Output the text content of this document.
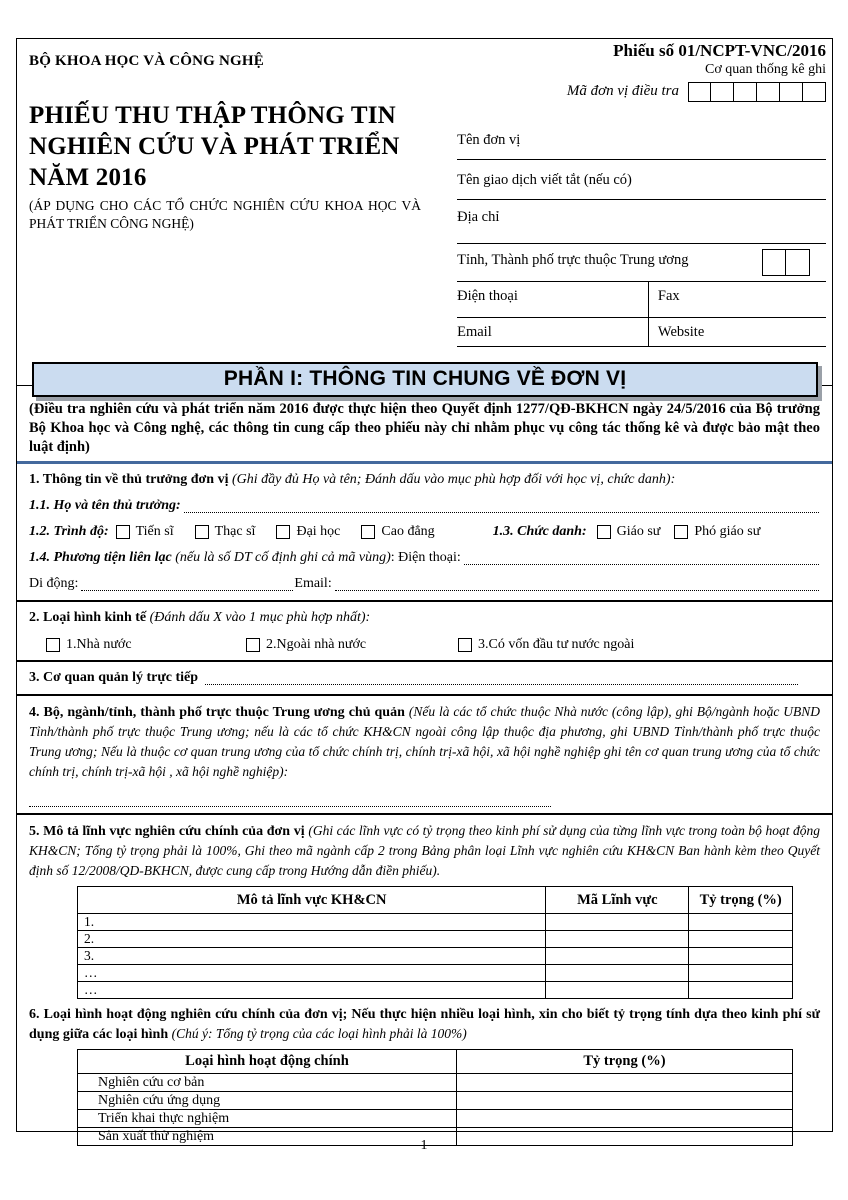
PHẦN I: THÔNG TIN CHUNG VỀ ĐƠN VỊ
BỘ KHOA HỌC VÀ CÔNG NGHỆ
PHIẾU THU THẬP THÔNG TIN
NGHIÊN CỨU VÀ PHÁT TRIỂN
NĂM 2016
(ÁP DỤNG CHO CÁC TỔ CHỨC NGHIÊN CỨU KHOA HỌC VÀ PHÁT TRIỂN CÔNG NGHỆ)
Phiếu số 01/NCPT-VNC/2016
Cơ quan thống kê ghi
Mã đơn vị điều tra
Tên đơn vị
Tên giao dịch viết tắt (nếu có)
Địa chỉ
Tỉnh, Thành phố trực thuộc Trung ương
Điện thoại	Fax
Email	Website

(Điều tra nghiên cứu và phát triển năm 2016 được thực hiện theo Quyết định 1277/QĐ-BKHCN ngày 24/5/2016 của Bộ trưởng Bộ Khoa học và Công nghệ, các thông tin cung cấp theo phiếu này chỉ nhằm phục vụ công tác thống kê và được bảo mật theo luật định)

1. Thông tin về thủ trưởng đơn vị
(Ghi đầy đủ Họ và tên; Đánh dấu vào mục phù hợp đối với học vị, chức danh):
1.1. Họ và tên thủ trưởng:
1.2. Trình độ:
Tiến sĩ	Thạc sĩ	Đại học	Cao đẳng	1.3. Chức danh: Giáo sư Phó giáo sư
1.4. Phương tiện liên lạc
(nếu là số DT cố định ghi cả mã vùng) : Điện thoại:
Di động:	Email:
2. Loại hình kinh tế
(Đánh dấu X vào 1 mục phù hợp nhất):
1.Nhà nước	2.Ngoài nhà nước	3.Có vốn đầu tư nước ngoài
3. Cơ quan quản lý trực tiếp

4. Bộ, ngành/tỉnh, thành phố trực thuộc Trung ương chủ quản (Nếu là các tổ chức thuộc Nhà nước (công lập), ghi Bộ/ngành hoặc UBND Tỉnh/thành phố trực thuộc Trung ương; nếu là các tổ chức KH&CN ngoài công lập thuộc địa phương, ghi UBND Tỉnh/thành phố trực thuộc Trung ương; Nếu là thuộc cơ quan trung ương của tổ chức chính trị, chính trị-xã hội, xã hội nghề nghiệp ghi tên cơ quan trung ương của tổ chức chính trị, chính trị-xã hội , xã hội nghề nghiệp):

5. Mô tả lĩnh vực nghiên cứu chính của đơn vị (Ghi các lĩnh vực có tỷ trọng theo kinh phí sử dụng của từng lĩnh vực trong toàn bộ hoạt động KH&CN; Tổng tỷ trọng phải là 100%, Ghi theo mã ngành cấp 2 trong Bảng phân loại Lĩnh vực nghiên cứu KH&CN Ban hành kèm theo Quyết định số 12/2008/QD-BKHCN, được cung cấp trong Hướng dẫn điền phiếu).

Mô tả lĩnh vực KH&CN	Mã Lĩnh vực	Tỷ trọng (%)
1.		
2.		
3.		
…		
…		

6. Loại hình hoạt động nghiên cứu chính của đơn vị; Nếu thực hiện nhiều loại hình, xin cho biết tỷ trọng tính dựa theo kinh phí sử dụng giữa các loại hình (Chú ý: Tổng tỷ trọng của các loại hình phải là 100%)

Loại hình hoạt động chính	Tỷ trọng (%)
Nghiên cứu cơ bản	
Nghiên cứu ứng dụng	
Triển khai thực nghiệm	
Sản xuất thử nghiệm	
1
